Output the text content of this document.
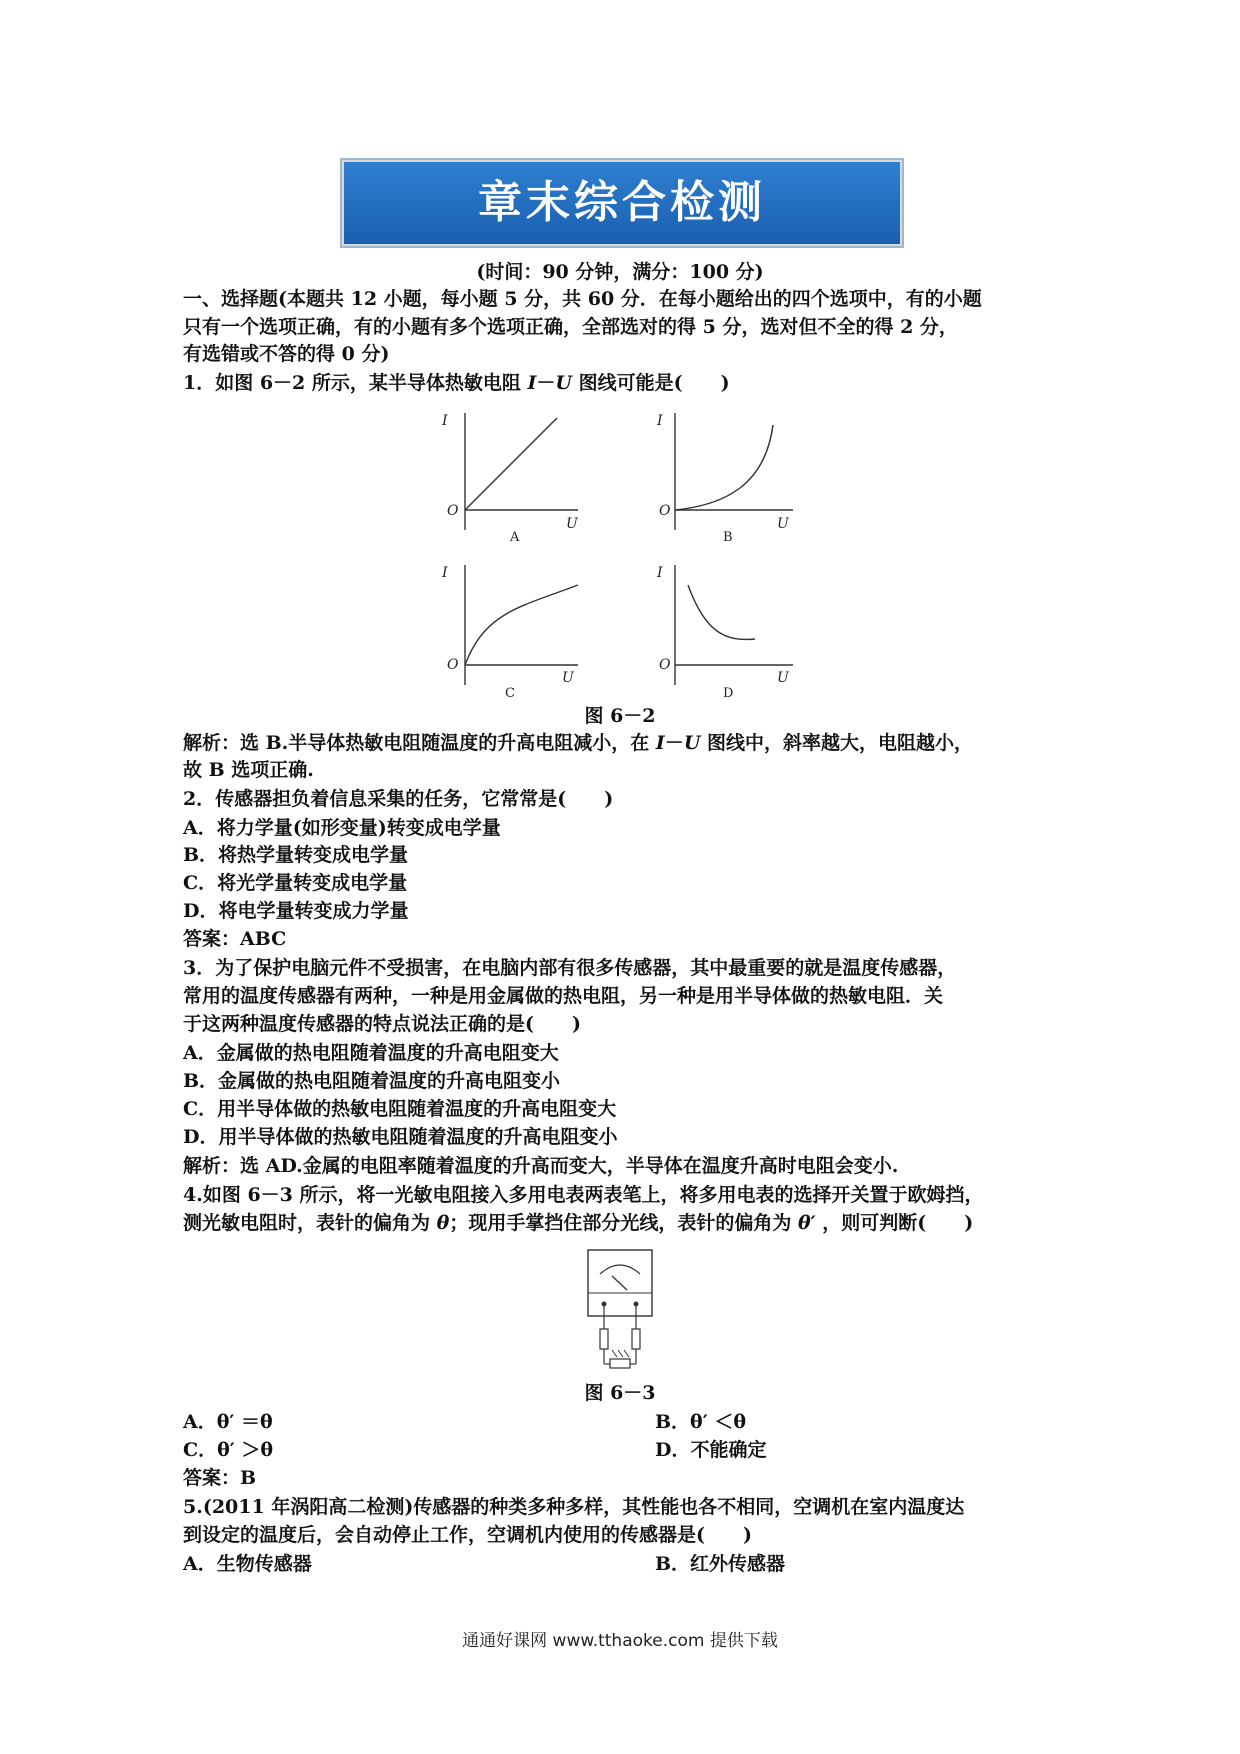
章末综合检测
(时间：90 分钟，满分：100 分)
一、选择题(本题共 12 小题，每小题 5 分，共 60 分．在每小题给出的四个选项中，有的小题
只有一个选项正确，有的小题有多个选项正确，全部选对的得 5 分，选对但不全的得 2 分，
有选错或不答的得 0 分)
1．如图 6－2 所示，某半导体热敏电阻 I－U 图线可能是(　　)
I
O
U
A
I
O
U
B
I
O
U
C
I
O
U
D
图 6－2
解析：选 B.半导体热敏电阻随温度的升高电阻减小，在 I－U 图线中，斜率越大，电阻越小，
故 B 选项正确.
2．传感器担负着信息采集的任务，它常常是(　　)
A．将力学量(如形变量)转变成电学量
B．将热学量转变成电学量
C．将光学量转变成电学量
D．将电学量转变成力学量
答案：ABC
3．为了保护电脑元件不受损害，在电脑内部有很多传感器，其中最重要的就是温度传感器，
常用的温度传感器有两种，一种是用金属做的热电阻，另一种是用半导体做的热敏电阻．关
于这两种温度传感器的特点说法正确的是(　　)
A．金属做的热电阻随着温度的升高电阻变大
B．金属做的热电阻随着温度的升高电阻变小
C．用半导体做的热敏电阻随着温度的升高电阻变大
D．用半导体做的热敏电阻随着温度的升高电阻变小
解析：选 AD.金属的电阻率随着温度的升高而变大，半导体在温度升高时电阻会变小.
4.如图 6－3 所示，将一光敏电阻接入多用电表两表笔上，将多用电表的选择开关置于欧姆挡，
测光敏电阻时，表针的偏角为 θ；现用手掌挡住部分光线，表针的偏角为 θ′ ，则可判断(　　)
图 6－3
A．θ′ ＝θ	B．θ′ ＜θ
C．θ′ ＞θ	D．不能确定
答案：B
5.(2011 年涡阳高二检测)传感器的种类多种多样，其性能也各不相同，空调机在室内温度达
到设定的温度后，会自动停止工作，空调机内使用的传感器是(　　)
A．生物传感器	B．红外传感器
通通好课网 www.tthaoke.com 提供下载
